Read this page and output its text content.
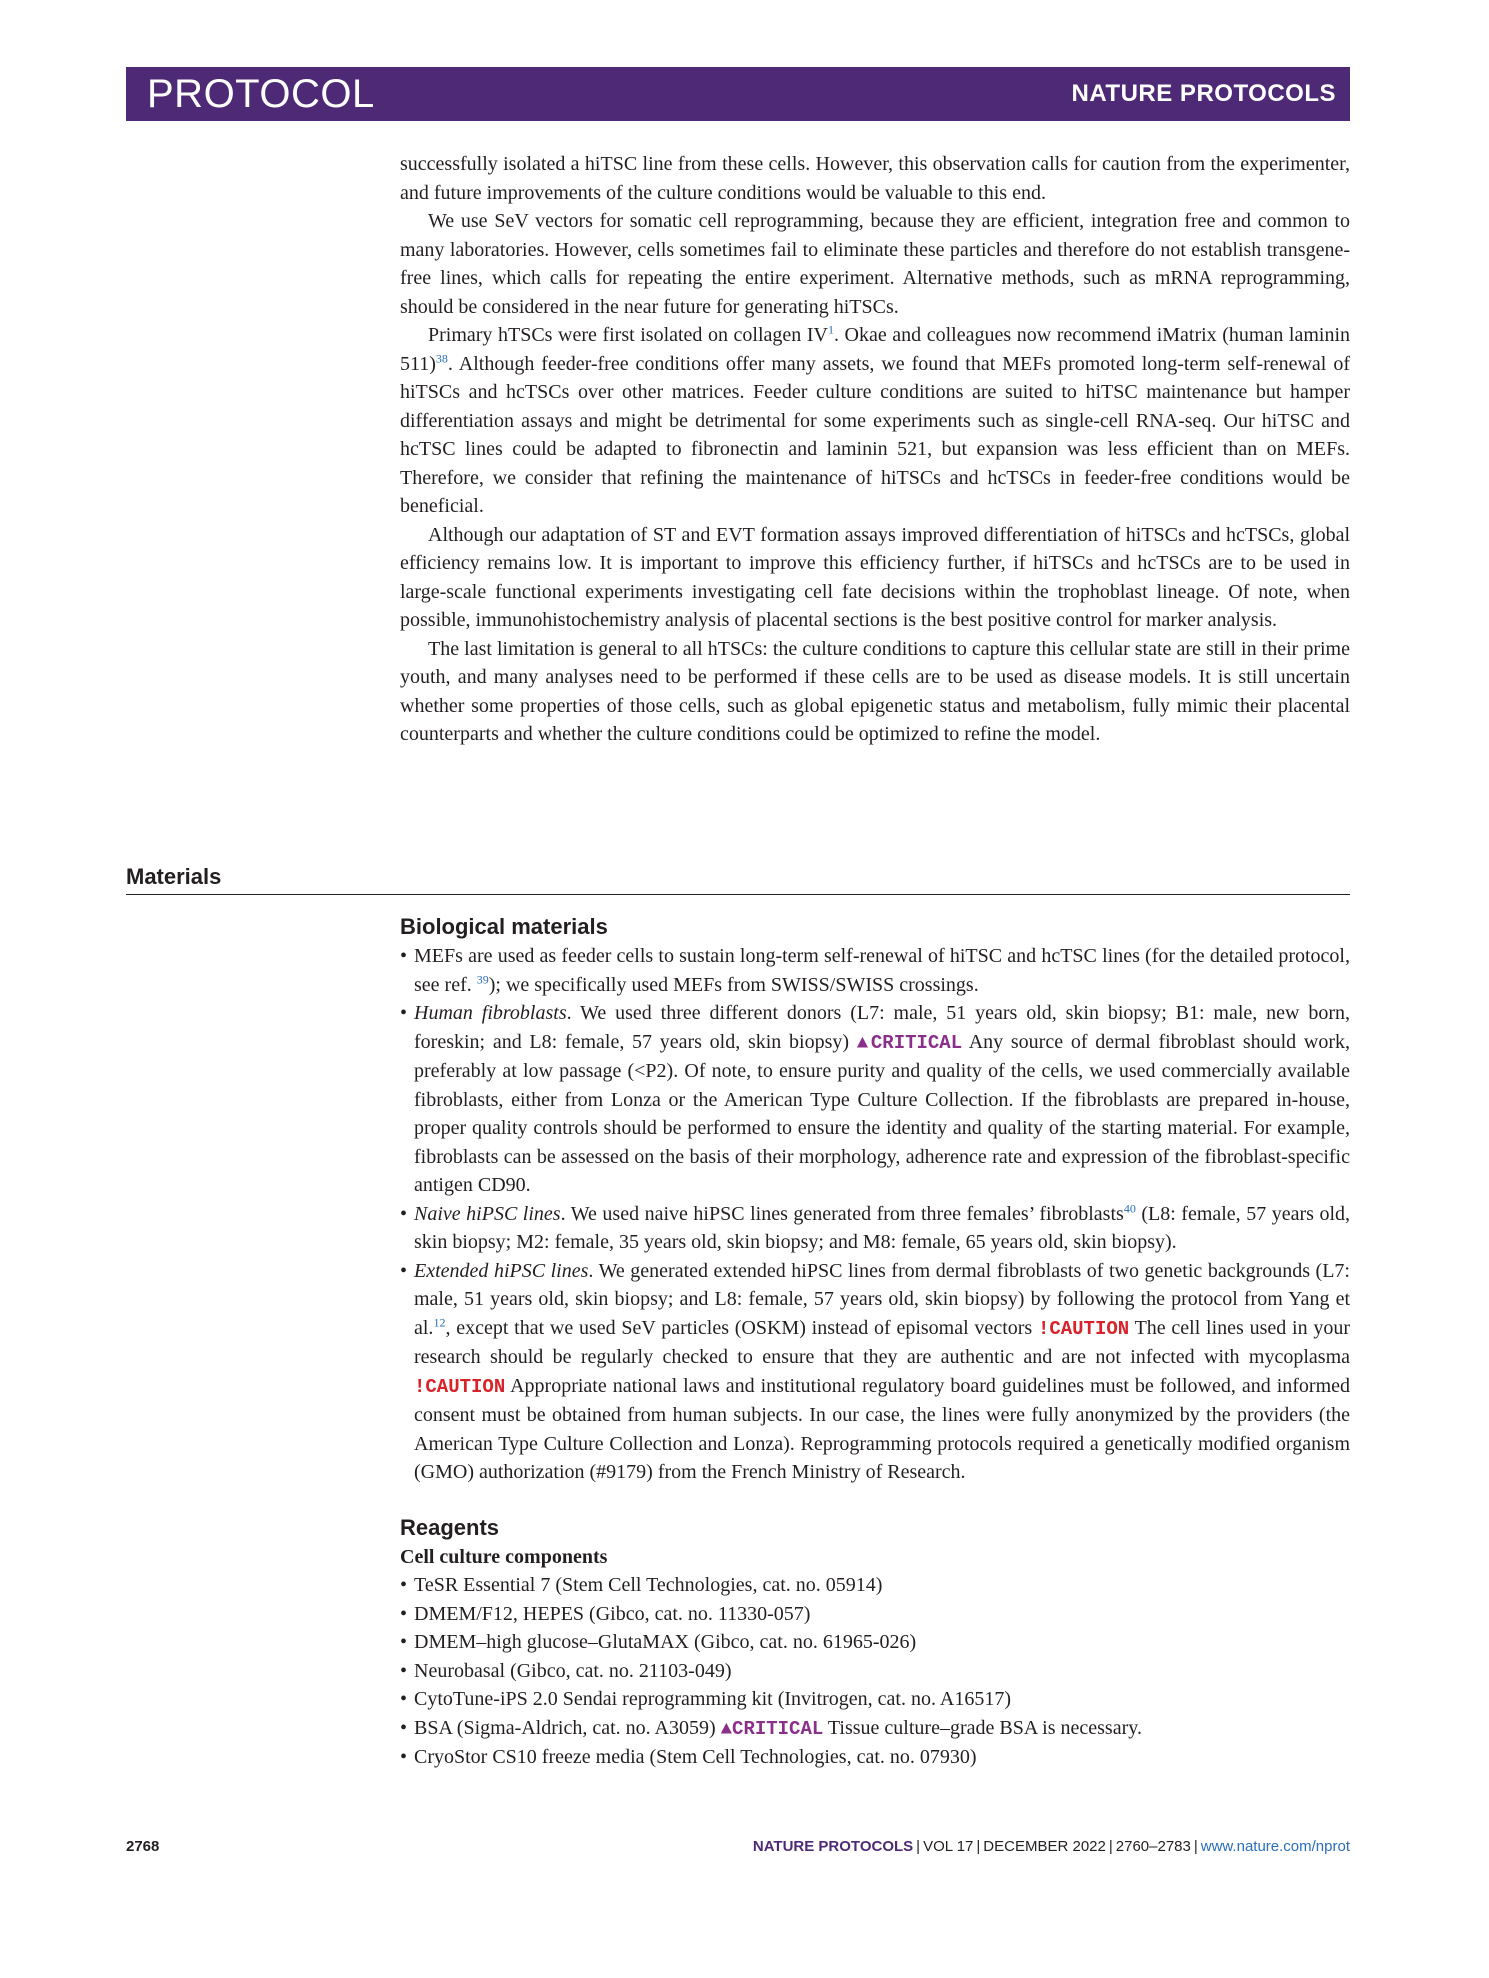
PROTOCOL	NATURE PROTOCOLS

successfully isolated a hiTSC line from these cells. However, this observation calls for caution from the experimenter, and future improvements of the culture conditions would be valuable to this end.

We use SeV vectors for somatic cell reprogramming, because they are efficient, integration free and common to many laboratories. However, cells sometimes fail to eliminate these particles and therefore do not establish transgene-free lines, which calls for repeating the entire experiment. Alternative methods, such as mRNA reprogramming, should be considered in the near future for generating hiTSCs.

Primary hTSCs were first isolated on collagen $IV^1$. Okae and colleagues now recommend iMatrix (human laminin 511)$^{38}$. Although feeder-free conditions offer many assets, we found that MEFs promoted long-term self-renewal of hiTSCs and hcTSCs over other matrices. Feeder culture conditions are suited to hiTSC maintenance but hamper differentiation assays and might be detrimental for some experiments such as single-cell RNA-seq. Our hiTSC and hcTSC lines could be adapted to fibronectin and laminin 521, but expansion was less efficient than on MEFs. Therefore, we consider that refining the maintenance of hiTSCs and hcTSCs in feeder-free conditions would be beneficial.

Although our adaptation of ST and EVT formation assays improved differentiation of hiTSCs and hcTSCs, global efficiency remains low. It is important to improve this efficiency further, if hiTSCs and hcTSCs are to be used in large-scale functional experiments investigating cell fate decisions within the trophoblast lineage. Of note, when possible, immunohistochemistry analysis of placental sections is the best positive control for marker analysis.

The last limitation is general to all hTSCs: the culture conditions to capture this cellular state are still in their prime youth, and many analyses need to be performed if these cells are to be used as disease models. It is still uncertain whether some properties of those cells, such as global epigenetic status and metabolism, fully mimic their placental counterparts and whether the culture conditions could be optimized to refine the model.

Materials

Biological materials

• MEFs are used as feeder cells to sustain long-term self-renewal of hiTSC and hcTSC lines (for the detailed protocol, see ref. $^{39}$); we specifically used MEFs from SWISS/SWISS crossings.
• Human fibroblasts. We used three different donors (L7: male, 51 years old, skin biopsy; B1: male, new born, foreskin; and L8: female, 57 years old, skin biopsy) ▲CRITICAL Any source of dermal fibroblast should work, preferably at low passage (<P2). Of note, to ensure purity and quality of the cells, we used commercially available fibroblasts, either from Lonza or the American Type Culture Collection. If the fibroblasts are prepared in-house, proper quality controls should be performed to ensure the identity and quality of the starting material. For example, fibroblasts can be assessed on the basis of their morphology, adherence rate and expression of the fibroblast-specific antigen CD90.
• Naive hiPSC lines. We used naive hiPSC lines generated from three females’ fibroblasts$^{40}$ (L8: female, 57 years old, skin biopsy; M2: female, 35 years old, skin biopsy; and M8: female, 65 years old, skin biopsy).
• Extended hiPSC lines. We generated extended hiPSC lines from dermal fibroblasts of two genetic backgrounds (L7: male, 51 years old, skin biopsy; and L8: female, 57 years old, skin biopsy) by following the protocol from Yang et al.$^{12}$, except that we used SeV particles (OSKM) instead of episomal vectors !CAUTION The cell lines used in your research should be regularly checked to ensure that they are authentic and are not infected with mycoplasma !CAUTION Appropriate national laws and institutional regulatory board guidelines must be followed, and informed consent must be obtained from human subjects. In our case, the lines were fully anonymized by the providers (the American Type Culture Collection and Lonza). Reprogramming protocols required a genetically modified organism (GMO) authorization (#9179) from the French Ministry of Research.

Reagents

Cell culture components

• TeSR Essential 7 (Stem Cell Technologies, cat. no. 05914)
• DMEM/F12, HEPES (Gibco, cat. no. 11330-057)
• DMEM–high glucose–GlutaMAX (Gibco, cat. no. 61965-026)
• Neurobasal (Gibco, cat. no. 21103-049)
• CytoTune-iPS 2.0 Sendai reprogramming kit (Invitrogen, cat. no. A16517)
• BSA (Sigma-Aldrich, cat. no. A3059) ▲CRITICAL Tissue culture–grade BSA is necessary.
• CryoStor CS10 freeze media (Stem Cell Technologies, cat. no. 07930)
2768	NATURE PROTOCOLS | VOL 17 | DECEMBER 2022 | 2760–2783 | www.nature.com/nprot
